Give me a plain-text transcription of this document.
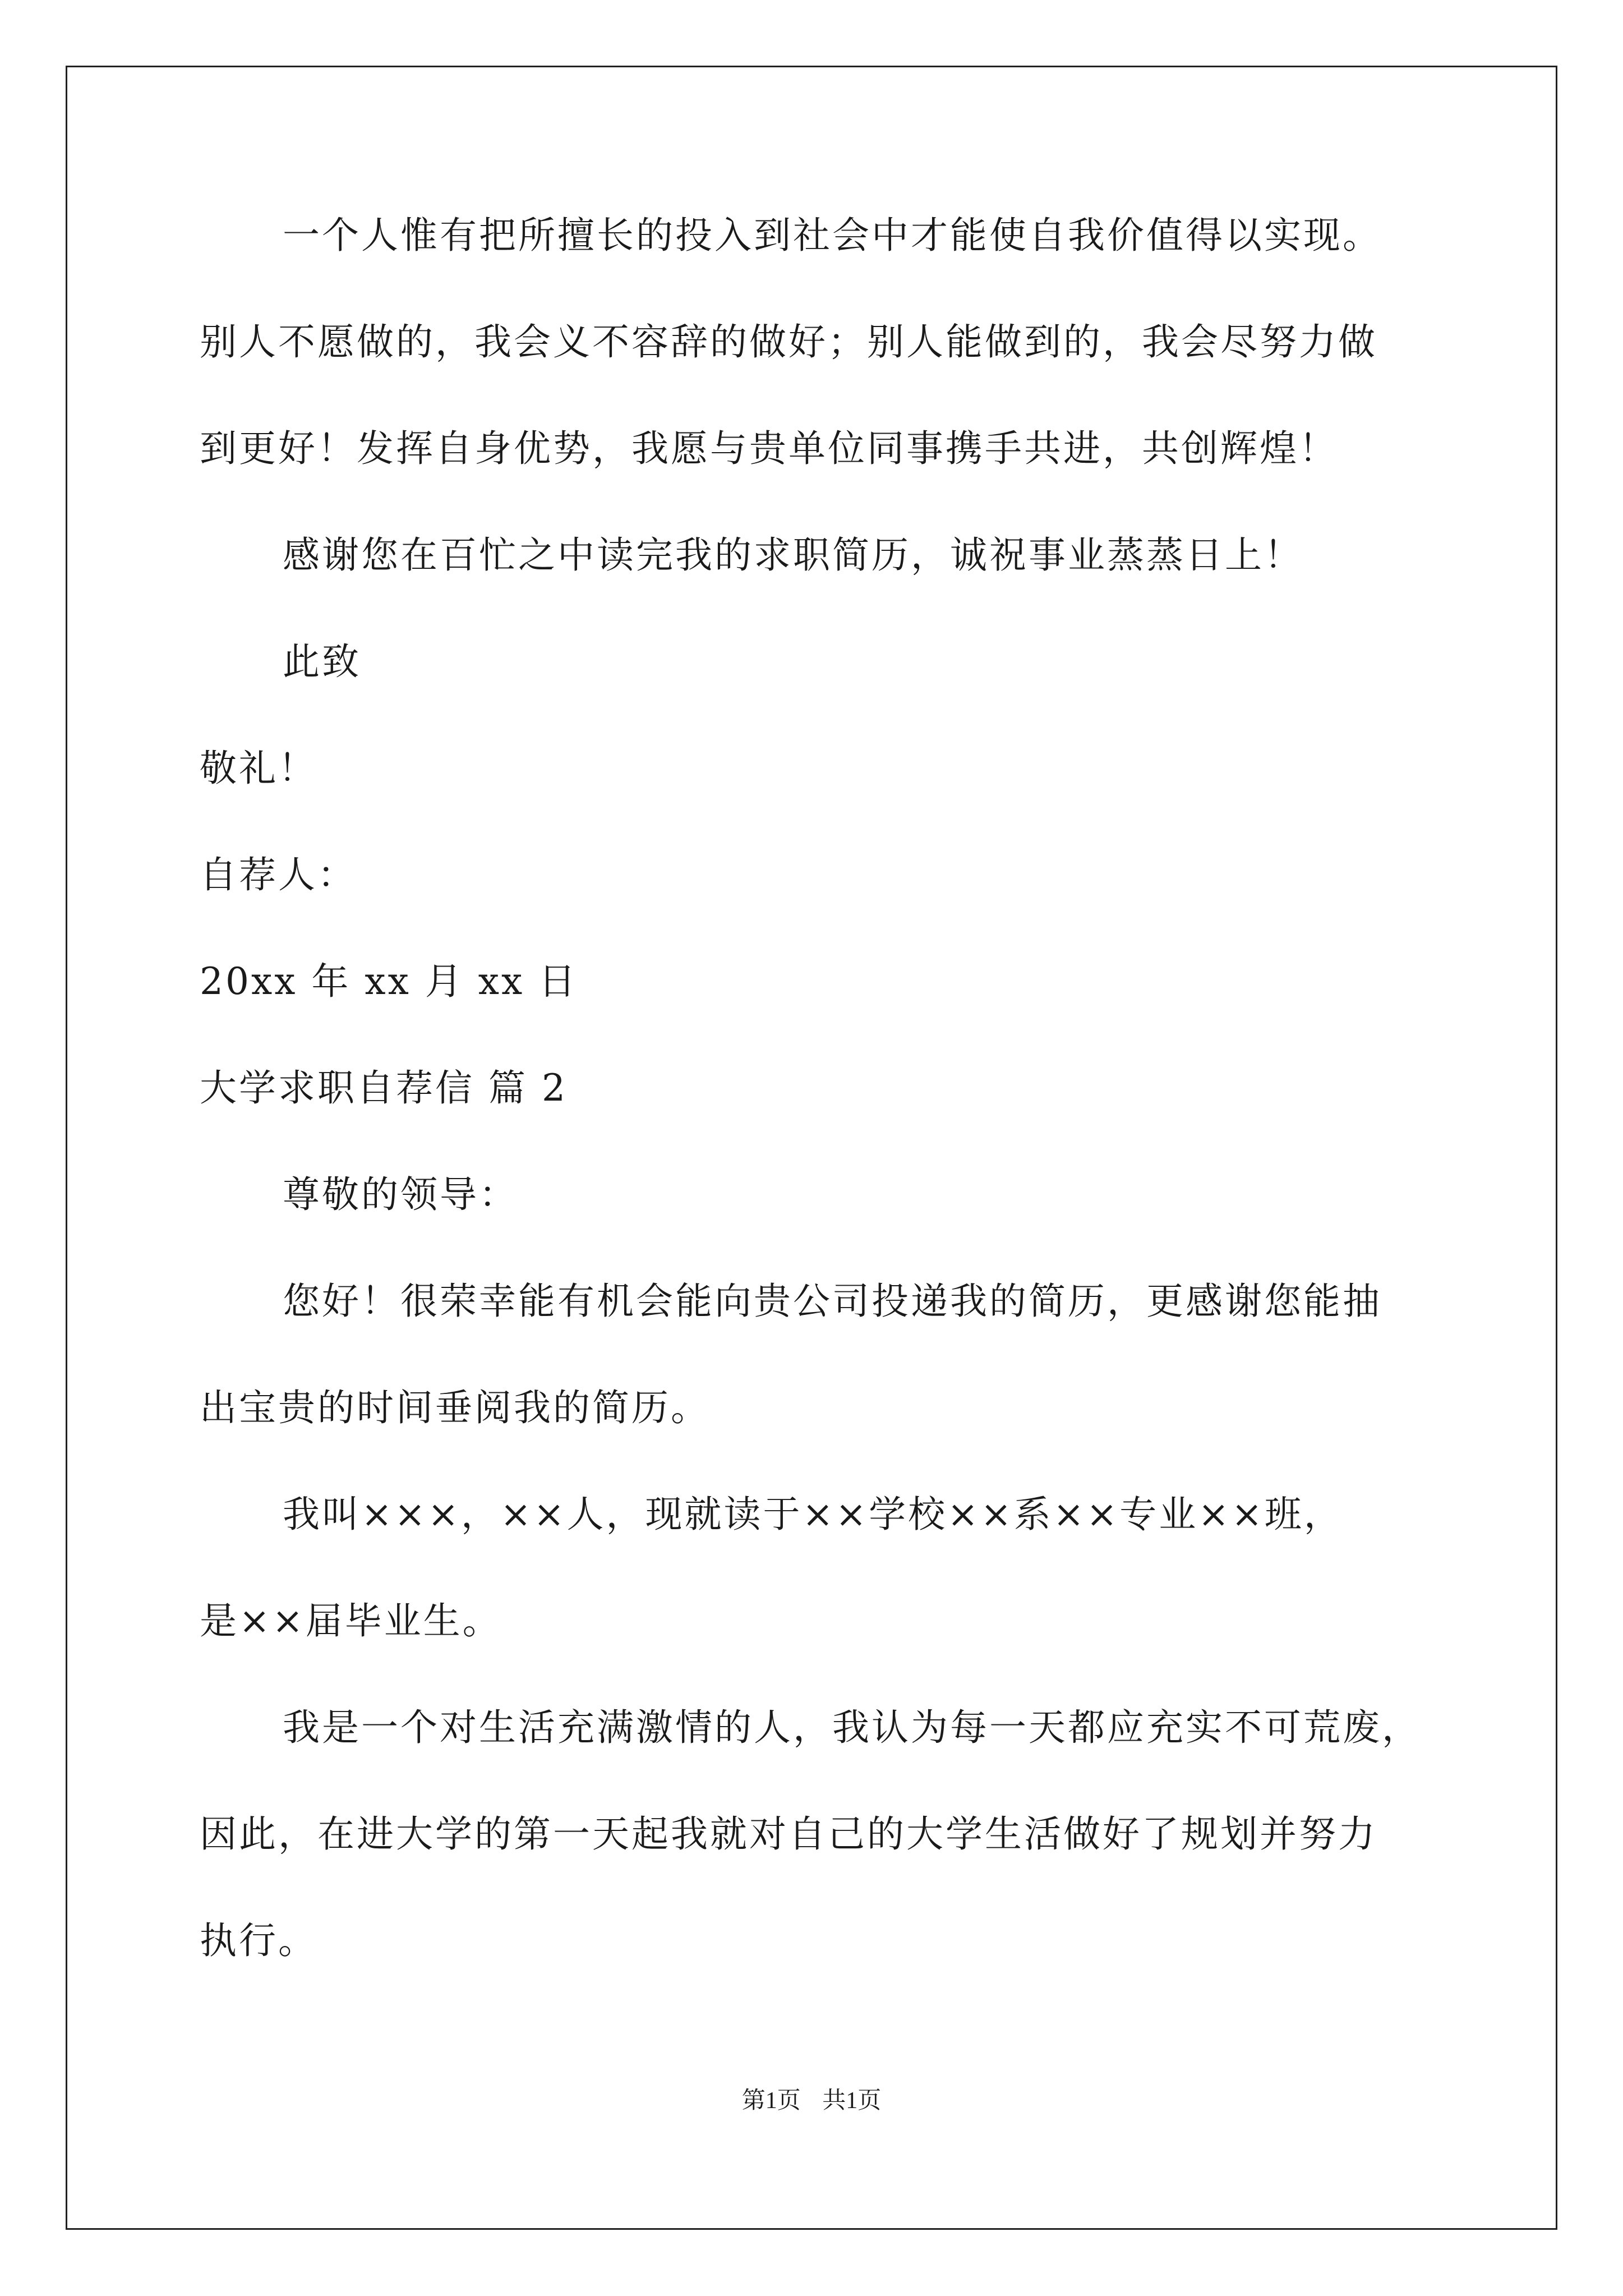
一个人惟有把所擅长的投入到社会中才能使自我价值得以实现。
别人不愿做的，我会义不容辞的做好；别人能做到的，我会尽努力做
到更好！发挥自身优势，我愿与贵单位同事携手共进，共创辉煌！
感谢您在百忙之中读完我的求职简历，诚祝事业蒸蒸日上！
此致
敬礼！
自荐人：
20xx 年 xx 月 xx 日
大学求职自荐信 篇 2
尊敬的领导：
您好！很荣幸能有机会能向贵公司投递我的简历，更感谢您能抽
出宝贵的时间垂阅我的简历。
我叫×××，××人，现就读于××学校××系××专业××班，
是××届毕业生。
我是一个对生活充满激情的人，我认为每一天都应充实不可荒废，
因此，在进大学的第一天起我就对自己的大学生活做好了规划并努力
执行。
第1页 共1页
